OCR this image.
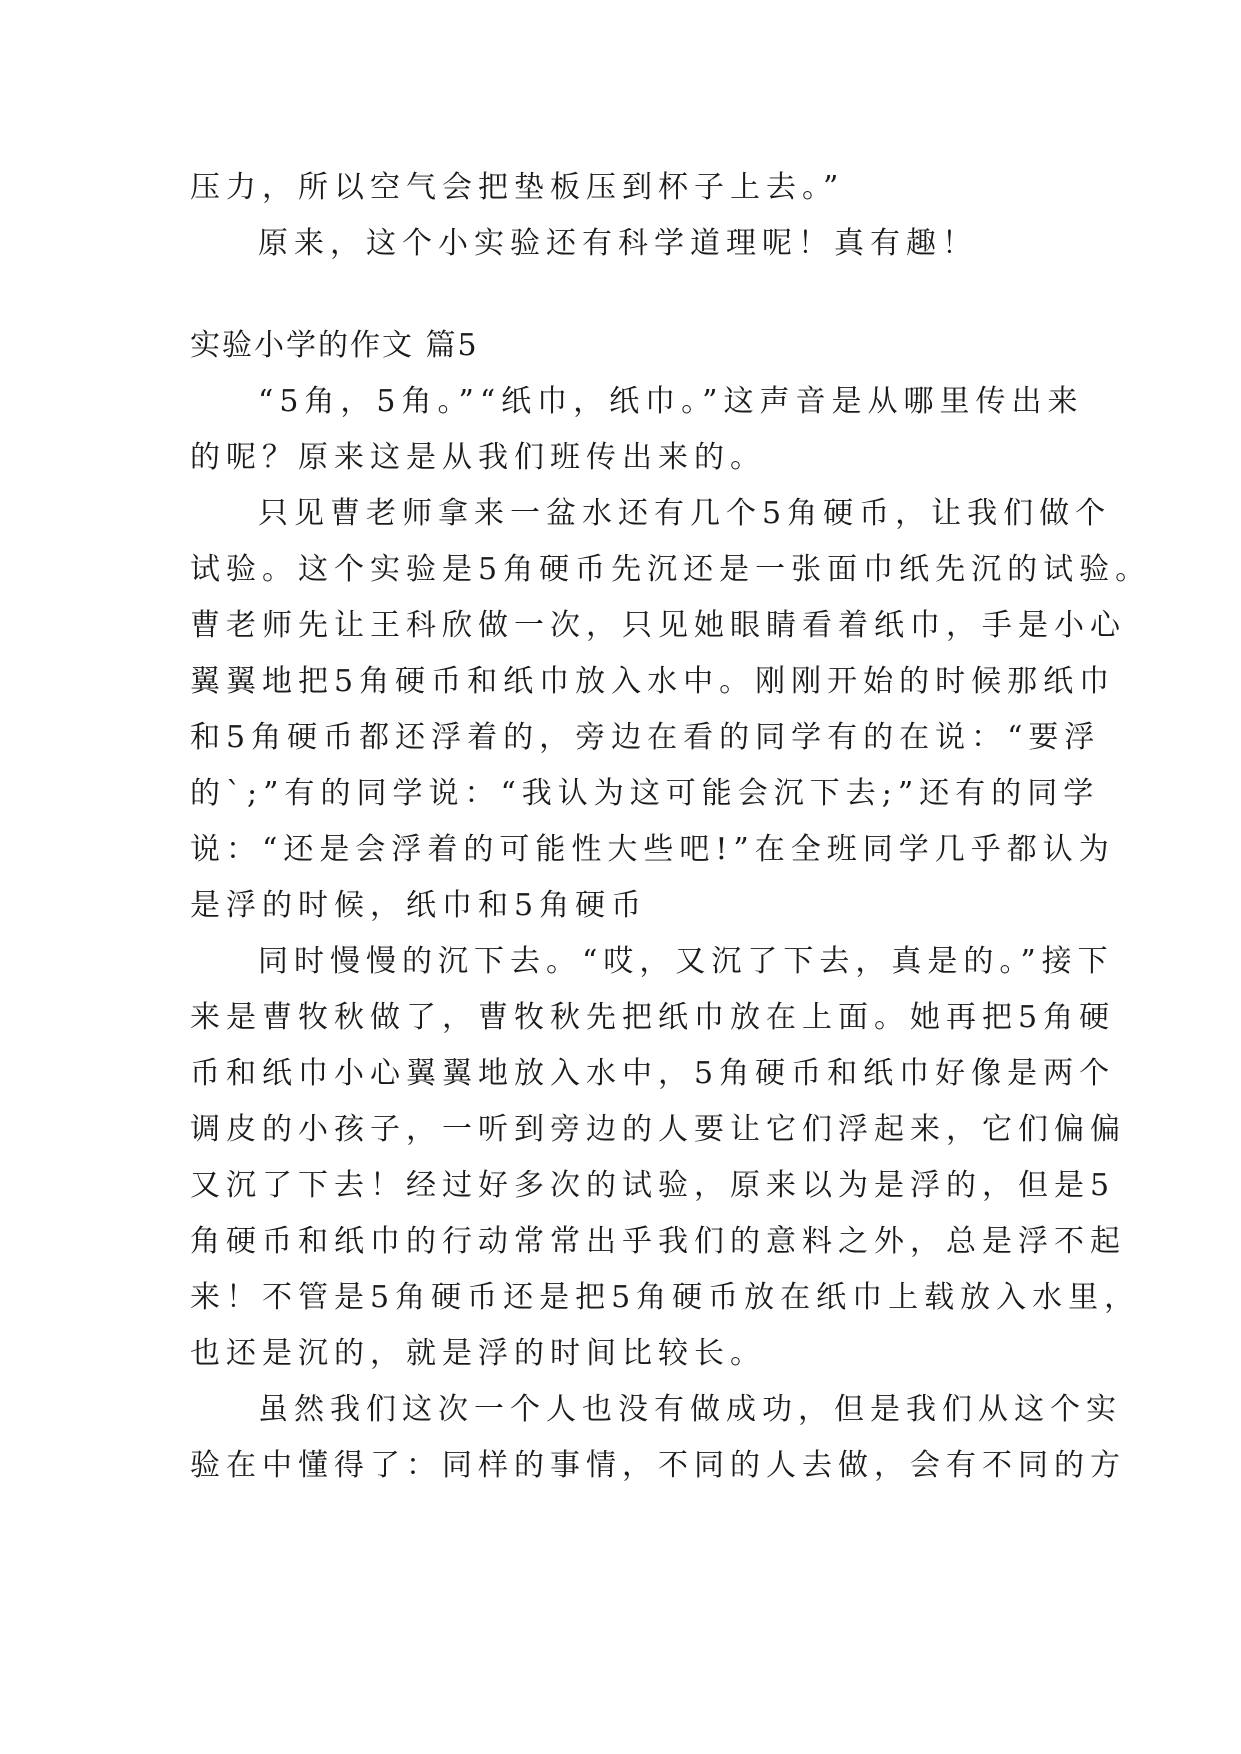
压力，所以空气会把垫板压到杯子上去。”
原来，这个小实验还有科学道理呢！真有趣！
实验小学的作文 篇5
“5角，5角。”“纸巾，纸巾。”这声音是从哪里传出来
的呢？原来这是从我们班传出来的。
只见曹老师拿来一盆水还有几个5角硬币，让我们做个
试验。这个实验是5角硬币先沉还是一张面巾纸先沉的试验。
曹老师先让王科欣做一次，只见她眼睛看着纸巾，手是小心
翼翼地把5角硬币和纸巾放入水中。刚刚开始的时候那纸巾
和5角硬币都还浮着的，旁边在看的同学有的在说：“要浮
的`;”有的同学说：“我认为这可能会沉下去;”还有的同学
说：“还是会浮着的可能性大些吧!”在全班同学几乎都认为
是浮的时候，纸巾和5角硬币
同时慢慢的沉下去。“哎，又沉了下去，真是的。”接下
来是曹牧秋做了，曹牧秋先把纸巾放在上面。她再把5角硬
币和纸巾小心翼翼地放入水中，5角硬币和纸巾好像是两个
调皮的小孩子，一听到旁边的人要让它们浮起来，它们偏偏
又沉了下去！经过好多次的试验，原来以为是浮的，但是5
角硬币和纸巾的行动常常出乎我们的意料之外，总是浮不起
来！不管是5角硬币还是把5角硬币放在纸巾上载放入水里，
也还是沉的，就是浮的时间比较长。
虽然我们这次一个人也没有做成功，但是我们从这个实
验在中懂得了：同样的事情，不同的人去做，会有不同的方
